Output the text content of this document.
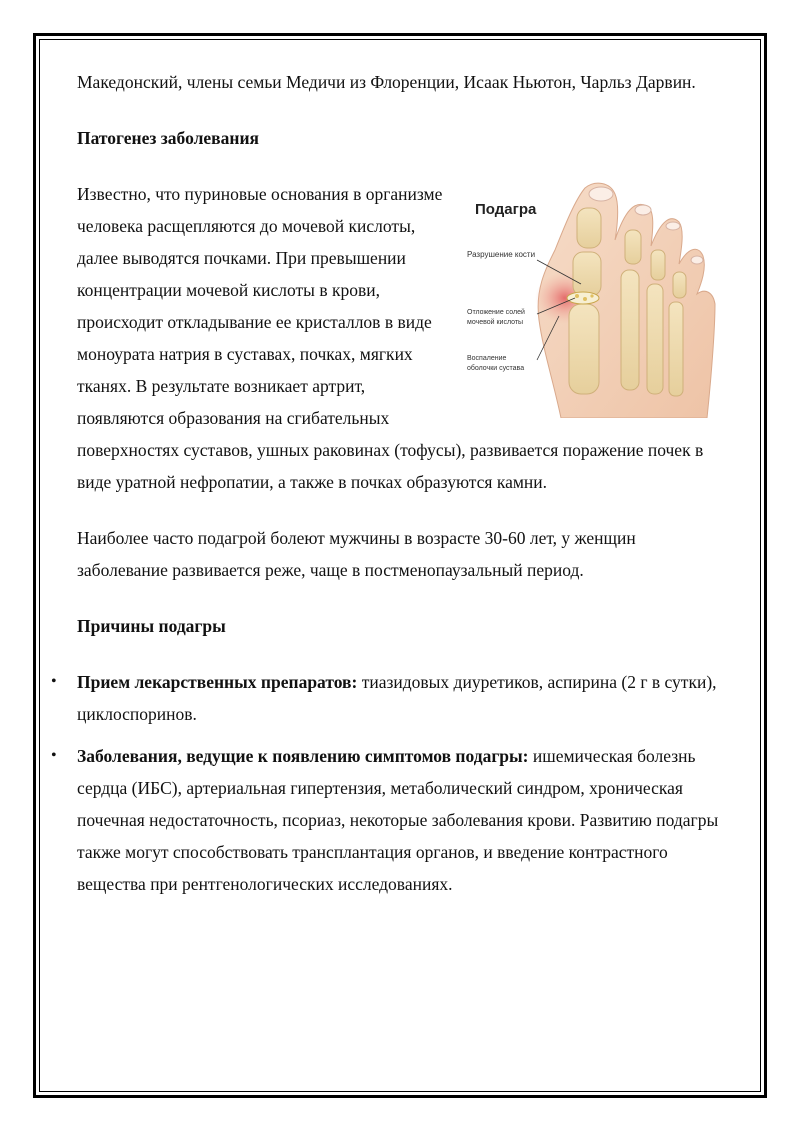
Македонский, члены семьи Медичи из Флоренции, Исаак Ньютон, Чарльз Дарвин.

Патогенез заболевания
Подагра
Разрушение кости
Отложение солей мочевой кислоты
Воспаление оболочки сустава

Известно, что пуриновые основания в организме человека расщепляются до мочевой кислоты, далее выводятся почками. При превышении концентрации мочевой кислоты в крови, происходит откладывание ее кристаллов в виде моноурата натрия в суставах, почках, мягких тканях. В результате возникает артрит, появляются образования на сгибательных поверхностях суставов, ушных раковинах (тофусы), развивается поражение почек в виде уратной нефропатии, а также в почках образуются камни.

Наиболее часто подагрой болеют мужчины в возрасте 30-60 лет, у женщин заболевание развивается реже, чаще в постменопаузальный период.

Причины подагры
• Прием лекарственных препаратов: тиазидовых диуретиков, аспирина (2 г в сутки), циклоспоринов.
• Заболевания, ведущие к появлению симптомов подагры: ишемическая болезнь сердца (ИБС), артериальная гипертензия, метаболический синдром, хроническая почечная недостаточность, псориаз, некоторые заболевания крови. Развитию подагры также могут способствовать трансплантация органов, и введение контрастного вещества при рентгенологических исследованиях.
